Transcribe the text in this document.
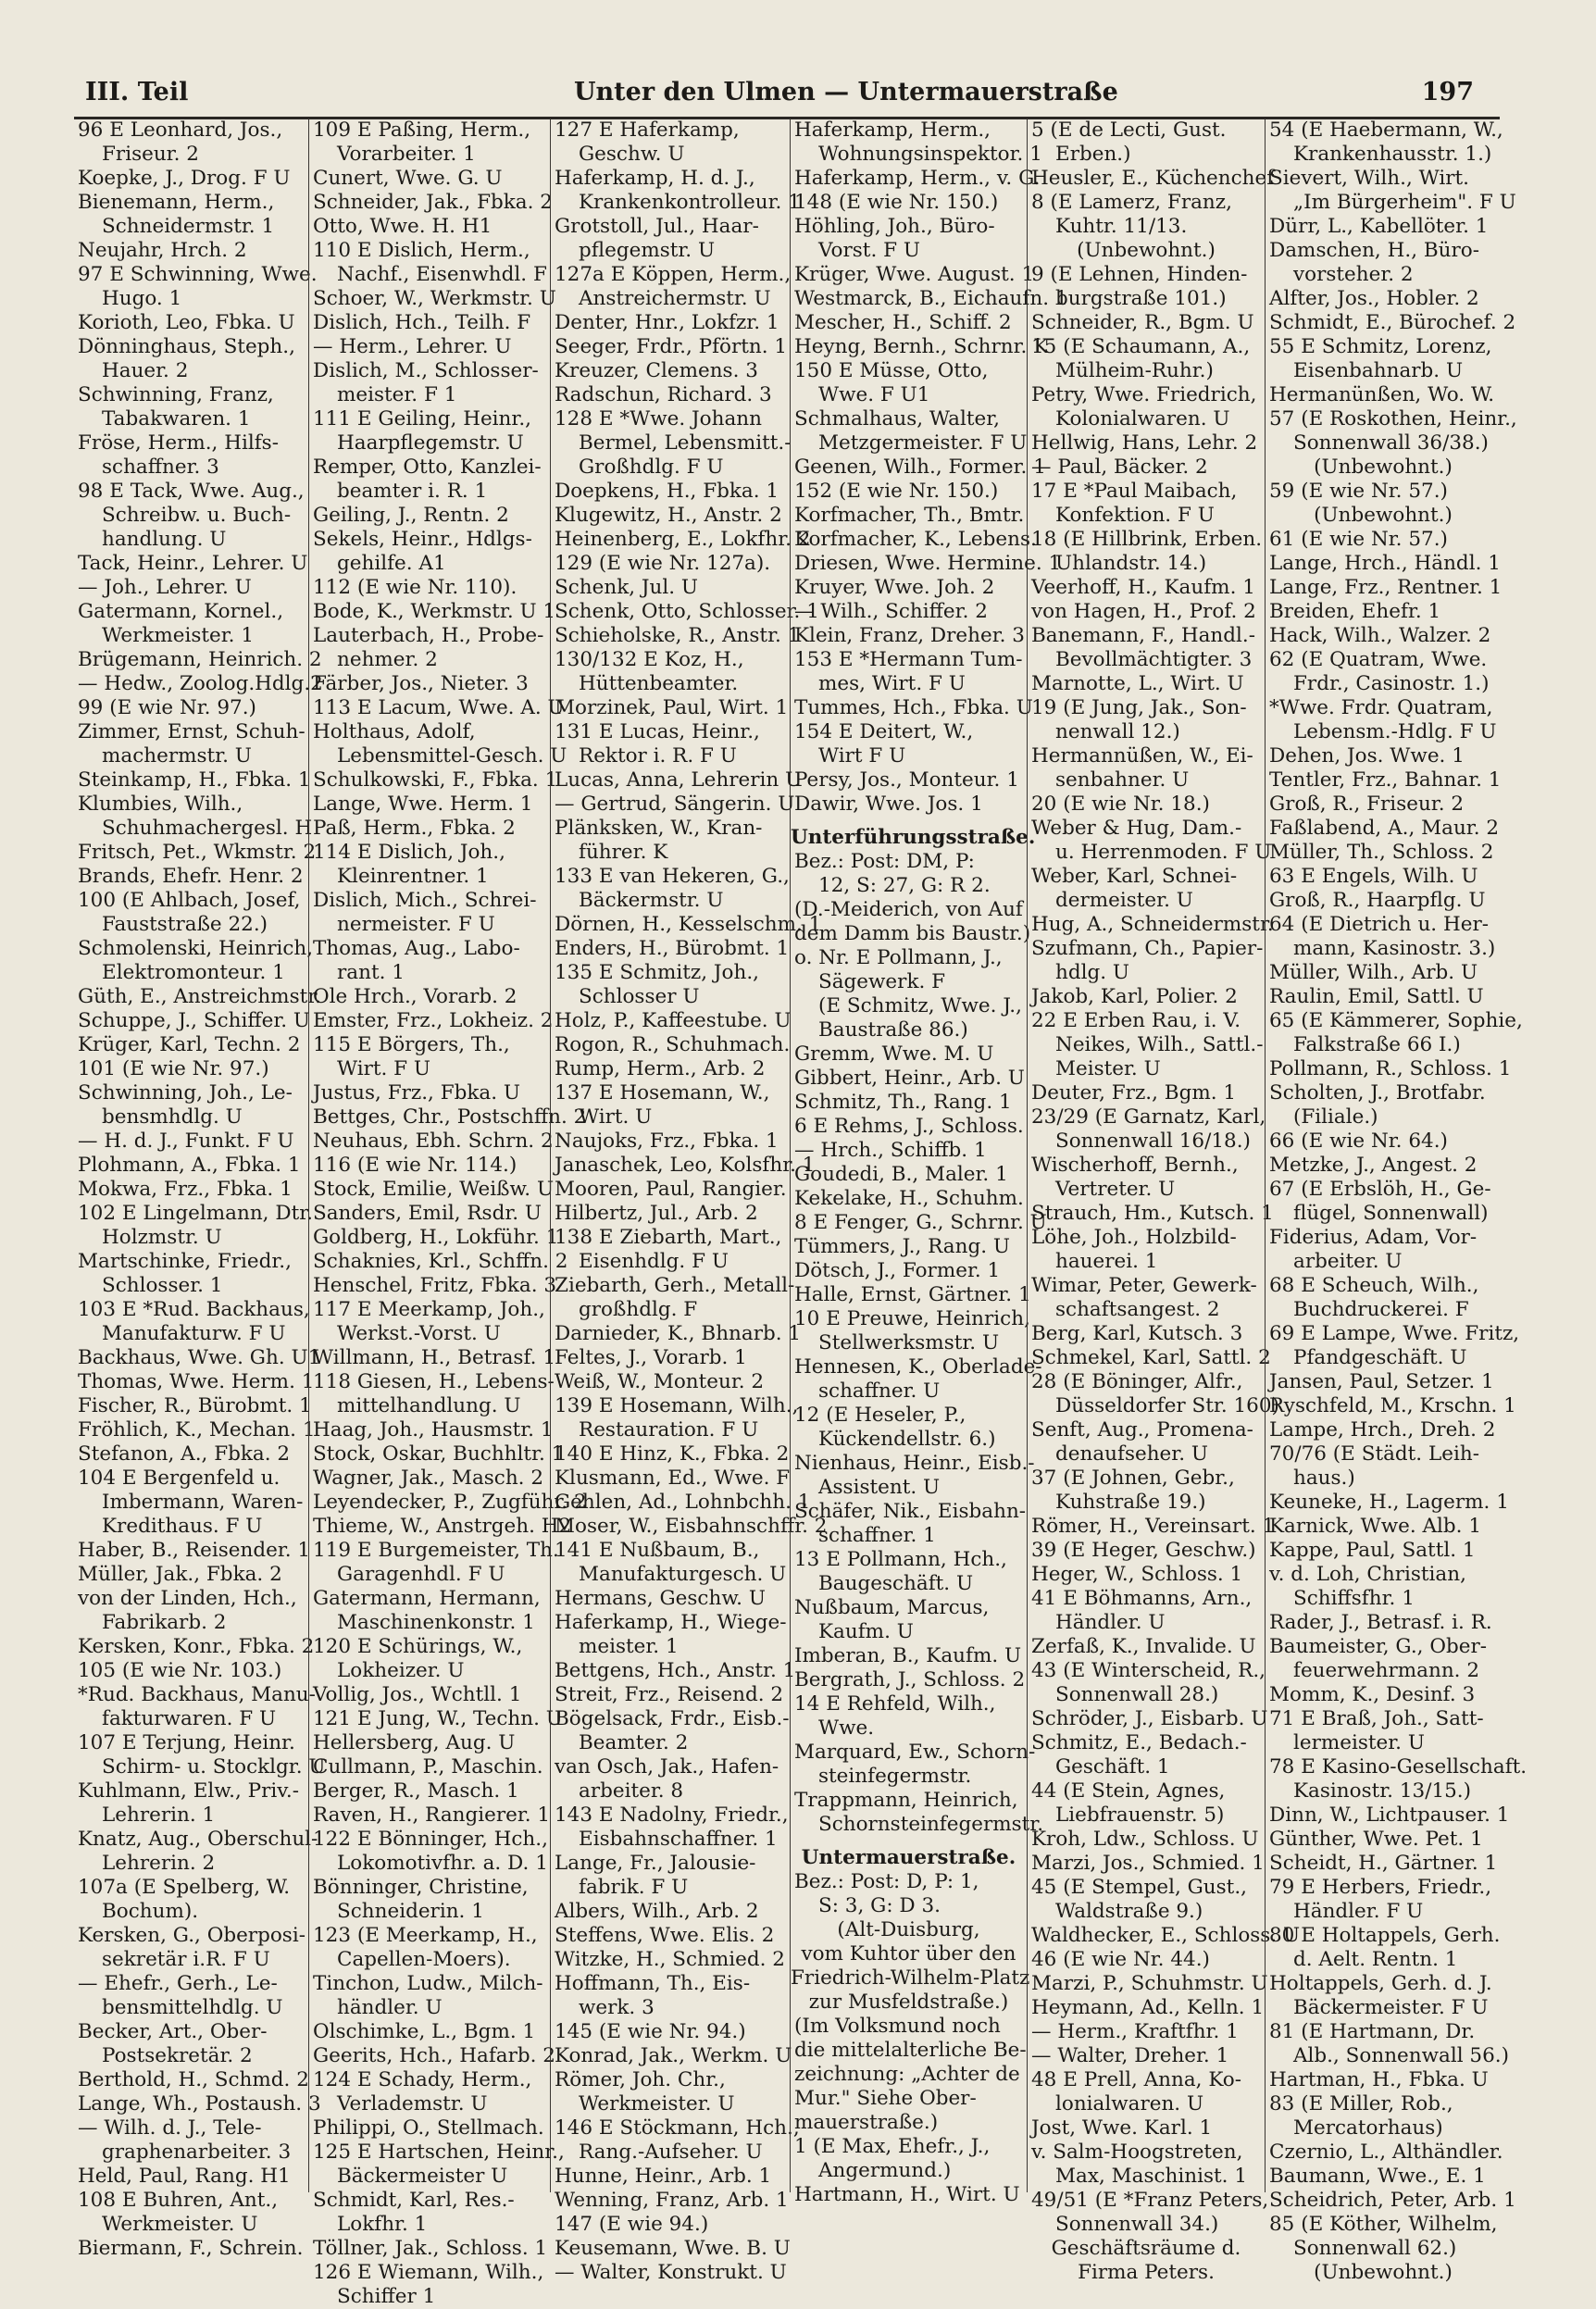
III. Teil	Unter den Ulmen — Untermauerstraße	197
96 E Leonhard, Jos.,
Friseur. 2
Koepke, J., Drog. F U
Bienemann, Herm.,
Schneidermstr. 1
Neujahr, Hrch. 2
97 E Schwinning, Wwe.
Hugo. 1
Korioth, Leo, Fbka. U
Dönninghaus, Steph.,
Hauer. 2
Schwinning, Franz,
Tabakwaren. 1
Fröse, Herm., Hilfs-
schaffner. 3
98 E Tack, Wwe. Aug.,
Schreibw. u. Buch-
handlung. U
Tack, Heinr., Lehrer. U
— Joh., Lehrer. U
Gatermann, Kornel.,
Werkmeister. 1
Brügemann, Heinrich. 2
— Hedw., Zoolog.Hdlg.2
99 (E wie Nr. 97.)
Zimmer, Ernst, Schuh-
machermstr. U
Steinkamp, H., Fbka. 1
Klumbies, Wilh.,
Schuhmachergesl. H
Fritsch, Pet., Wkmstr. 2
Brands, Ehefr. Henr. 2
100 (E Ahlbach, Josef,
Fauststraße 22.)
Schmolenski, Heinrich,
Elektromonteur. 1
Güth, E., Anstreichmstr.
Schuppe, J., Schiffer. U
Krüger, Karl, Techn. 2
101 (E wie Nr. 97.)
Schwinning, Joh., Le-
bensmhdlg. U
— H. d. J., Funkt. F U
Plohmann, A., Fbka. 1
Mokwa, Frz., Fbka. 1
102 E Lingelmann, Dtr.
Holzmstr. U
Martschinke, Friedr.,
Schlosser. 1
103 E *Rud. Backhaus,
Manufakturw. F U
Backhaus, Wwe. Gh. U1
Thomas, Wwe. Herm. 1
Fischer, R., Bürobmt. 1
Fröhlich, K., Mechan. 1
Stefanon, A., Fbka. 2
104 E Bergenfeld u.
Imbermann, Waren-
Kredithaus. F U
Haber, B., Reisender. 1
Müller, Jak., Fbka. 2
von der Linden, Hch.,
Fabrikarb. 2
Kersken, Konr., Fbka. 2
105 (E wie Nr. 103.)
*Rud. Backhaus, Manu-
fakturwaren. F U
107 E Terjung, Heinr.
Schirm- u. Stocklgr. U
Kuhlmann, Elw., Priv.-
Lehrerin. 1
Knatz, Aug., Oberschul-
Lehrerin. 2
107a (E Spelberg, W.
Bochum).
Kersken, G., Oberposi-
sekretär i.R. F U
— Ehefr., Gerh., Le-
bensmittelhdlg. U
Becker, Art., Ober-
Postsekretär. 2
Berthold, H., Schmd. 2
Lange, Wh., Postaush. 3
— Wilh. d. J., Tele-
graphenarbeiter. 3
Held, Paul, Rang. H1
108 E Buhren, Ant.,
Werkmeister. U
Biermann, F., Schrein.
109 E Paßing, Herm.,
Vorarbeiter. 1
Cunert, Wwe. G. U
Schneider, Jak., Fbka. 2
Otto, Wwe. H. H1
110 E Dislich, Herm.,
Nachf., Eisenwhdl. F
Schoer, W., Werkmstr. U
Dislich, Hch., Teilh. F
— Herm., Lehrer. U
Dislich, M., Schlosser-
meister. F 1
111 E Geiling, Heinr.,
Haarpflegemstr. U
Remper, Otto, Kanzlei-
beamter i. R. 1
Geiling, J., Rentn. 2
Sekels, Heinr., Hdlgs-
gehilfe. A1
112 (E wie Nr. 110).
Bode, K., Werkmstr. U 1
Lauterbach, H., Probe-
nehmer. 2
Färber, Jos., Nieter. 3
113 E Lacum, Wwe. A. U
Holthaus, Adolf,
Lebensmittel-Gesch. U
Schulkowski, F., Fbka. 1
Lange, Wwe. Herm. 1
Paß, Herm., Fbka. 2
114 E Dislich, Joh.,
Kleinrentner. 1
Dislich, Mich., Schrei-
nermeister. F U
Thomas, Aug., Labo-
rant. 1
Ole Hrch., Vorarb. 2
Emster, Frz., Lokheiz. 2
115 E Börgers, Th.,
Wirt. F U
Justus, Frz., Fbka. U
Bettges, Chr., Postschffn. 2
Neuhaus, Ebh. Schrn. 2
116 (E wie Nr. 114.)
Stock, Emilie, Weißw. U
Sanders, Emil, Rsdr. U
Goldberg, H., Lokführ. 1
Schaknies, Krl., Schffn. 2
Henschel, Fritz, Fbka. 3
117 E Meerkamp, Joh.,
Werkst.-Vorst. U
Willmann, H., Betrasf. 1
118 Giesen, H., Lebens-
mittelhandlung. U
Haag, Joh., Hausmstr. 1
Stock, Oskar, Buchhltr. 1
Wagner, Jak., Masch. 2
Leyendecker, P., Zugführ. 2
Thieme, W., Anstrgeh. H2
119 E Burgemeister, Th.
Garagenhdl. F U
Gatermann, Hermann,
Maschinenkonstr. 1
120 E Schürings, W.,
Lokheizer. U
Vollig, Jos., Wchtll. 1
121 E Jung, W., Techn. U
Hellersberg, Aug. U
Cullmann, P., Maschin.
Berger, R., Masch. 1
Raven, H., Rangierer. 1
122 E Bönninger, Hch.,
Lokomotivfhr. a. D. 1
Bönninger, Christine,
Schneiderin. 1
123 (E Meerkamp, H.,
Capellen-Moers).
Tinchon, Ludw., Milch-
händler. U
Olschimke, L., Bgm. 1
Geerits, Hch., Hafarb. 2
124 E Schady, Herm.,
Verlademstr. U
Philippi, O., Stellmach.
125 E Hartschen, Heinr.,
Bäckermeister U
Schmidt, Karl, Res.-
Lokfhr. 1
Töllner, Jak., Schloss. 1
126 E Wiemann, Wilh.,
Schiffer 1
127 E Haferkamp,
Geschw. U
Haferkamp, H. d. J.,
Krankenkontrolleur. 1
Grotstoll, Jul., Haar-
pflegemstr. U
127a E Köppen, Herm.,
Anstreichermstr. U
Denter, Hnr., Lokfzr. 1
Seeger, Frdr., Pförtn. 1
Kreuzer, Clemens. 3
Radschun, Richard. 3
128 E *Wwe. Johann
Bermel, Lebensmitt.-
Großhdlg. F U
Doepkens, H., Fbka. 1
Klugewitz, H., Anstr. 2
Heinenberg, E., Lokfhr. 2
129 (E wie Nr. 127a).
Schenk, Jul. U
Schenk, Otto, Schlosser. 1
Schieholske, R., Anstr. 1
130/132 E Koz, H.,
Hüttenbeamter.
Morzinek, Paul, Wirt. 1
131 E Lucas, Heinr.,
Rektor i. R. F U
Lucas, Anna, Lehrerin U
— Gertrud, Sängerin. U
Plänksken, W., Kran-
führer. K
133 E van Hekeren, G.,
Bäckermstr. U
Dörnen, H., Kesselschm. 1
Enders, H., Bürobmt. 1
135 E Schmitz, Joh.,
Schlosser U
Holz, P., Kaffeestube. U
Rogon, R., Schuhmach.
Rump, Herm., Arb. 2
137 E Hosemann, W.,
Wirt. U
Naujoks, Frz., Fbka. 1
Janaschek, Leo, Kolsfhr. 1
Mooren, Paul, Rangier.
Hilbertz, Jul., Arb. 2
138 E Ziebarth, Mart.,
Eisenhdlg. F U
Ziebarth, Gerh., Metall-
großhdlg. F
Darnieder, K., Bhnarb. 1
Feltes, J., Vorarb. 1
Weiß, W., Monteur. 2
139 E Hosemann, Wilh.,
Restauration. F U
140 E Hinz, K., Fbka. 2
Klusmann, Ed., Wwe. F
Gehlen, Ad., Lohnbchh. 1
Moser, W., Eisbahnschffr. 2
141 E Nußbaum, B.,
Manufakturgesch. U
Hermans, Geschw. U
Haferkamp, H., Wiege-
meister. 1
Bettgens, Hch., Anstr. 1
Streit, Frz., Reisend. 2
Bögelsack, Frdr., Eisb.-
Beamter. 2
van Osch, Jak., Hafen-
arbeiter. 8
143 E Nadolny, Friedr.,
Eisbahnschaffner. 1
Lange, Fr., Jalousie-
fabrik. F U
Albers, Wilh., Arb. 2
Steffens, Wwe. Elis. 2
Witzke, H., Schmied. 2
Hoffmann, Th., Eis-
werk. 3
145 (E wie Nr. 94.)
Konrad, Jak., Werkm. U
Römer, Joh. Chr.,
Werkmeister. U
146 E Stöckmann, Hch.,
Rang.-Aufseher. U
Hunne, Heinr., Arb. 1
Wenning, Franz, Arb. 1
147 (E wie 94.)
Keusemann, Wwe. B. U
— Walter, Konstrukt. U
Haferkamp, Herm.,
Wohnungsinspektor. 1
Haferkamp, Herm., v. G.
148 (E wie Nr. 150.)
Höhling, Joh., Büro-
Vorst. F U
Krüger, Wwe. August. 1
Westmarck, B., Eichaufn. 1
Mescher, H., Schiff. 2
Heyng, Bernh., Schrnr. K
150 E Müsse, Otto,
Wwe. F U1
Schmalhaus, Walter,
Metzgermeister. F U
Geenen, Wilh., Former. 1
152 (E wie Nr. 150.)
Korfmacher, Th., Bmtr.
Korfmacher, K., Lebens.
Driesen, Wwe. Hermine. 1
Kruyer, Wwe. Joh. 2
— Wilh., Schiffer. 2
Klein, Franz, Dreher. 3
153 E *Hermann Tum-
mes, Wirt. F U
Tummes, Hch., Fbka. U
154 E Deitert, W.,
Wirt F U
Persy, Jos., Monteur. 1
Dawir, Wwe. Jos. 1
Unterführungsstraße.
Bez.: Post: DM, P:
12, S: 27, G: R 2.
(D.-Meiderich, von Auf
dem Damm bis Baustr.)
o. Nr. E Pollmann, J.,
Sägewerk. F
(E Schmitz, Wwe. J.,
Baustraße 86.)
Gremm, Wwe. M. U
Gibbert, Heinr., Arb. U
Schmitz, Th., Rang. 1
6 E Rehms, J., Schloss.
— Hrch., Schiffb. 1
Goudedi, B., Maler. 1
Kekelake, H., Schuhm.
8 E Fenger, G., Schrnr. U
Tümmers, J., Rang. U
Dötsch, J., Former. 1
Halle, Ernst, Gärtner. 1
10 E Preuwe, Heinrich,
Stellwerksmstr. U
Hennesen, K., Oberlade-
schaffner. U
12 (E Heseler, P.,
Kückendellstr. 6.)
Nienhaus, Heinr., Eisb.-
Assistent. U
Schäfer, Nik., Eisbahn-
schaffner. 1
13 E Pollmann, Hch.,
Baugeschäft. U
Nußbaum, Marcus,
Kaufm. U
Imberan, B., Kaufm. U
Bergrath, J., Schloss. 2
14 E Rehfeld, Wilh.,
Wwe.
Marquard, Ew., Schorn-
steinfegermstr.
Trappmann, Heinrich,
Schornsteinfegermstr.
Untermauerstraße.
Bez.: Post: D, P: 1,
S: 3, G: D 3.
(Alt-Duisburg,
vom Kuhtor über den
Friedrich-Wilhelm-Platz
zur Musfeldstraße.)
(Im Volksmund noch
die mittelalterliche Be-
zeichnung: „Achter de
Mur." Siehe Ober-
mauerstraße.)
1 (E Max, Ehefr., J.,
Angermund.)
Hartmann, H., Wirt. U
5 (E de Lecti, Gust.
Erben.)
Heusler, E., Küchenchef
8 (E Lamerz, Franz,
Kuhtr. 11/13.
(Unbewohnt.)
9 (E Lehnen, Hinden-
burgstraße 101.)
Schneider, R., Bgm. U
15 (E Schaumann, A.,
Mülheim-Ruhr.)
Petry, Wwe. Friedrich,
Kolonialwaren. U
Hellwig, Hans, Lehr. 2
— Paul, Bäcker. 2
17 E *Paul Maibach,
Konfektion. F U
18 (E Hillbrink, Erben.
Uhlandstr. 14.)
Veerhoff, H., Kaufm. 1
von Hagen, H., Prof. 2
Banemann, F., Handl.-
Bevollmächtigter. 3
Marnotte, L., Wirt. U
19 (E Jung, Jak., Son-
nenwall 12.)
Hermannüßen, W., Ei-
senbahner. U
20 (E wie Nr. 18.)
Weber & Hug, Dam.-
u. Herrenmoden. F U
Weber, Karl, Schnei-
dermeister. U
Hug, A., Schneidermstr.
Szufmann, Ch., Papier-
hdlg. U
Jakob, Karl, Polier. 2
22 E Erben Rau, i. V.
Neikes, Wilh., Sattl.-
Meister. U
Deuter, Frz., Bgm. 1
23/29 (E Garnatz, Karl,
Sonnenwall 16/18.)
Wischerhoff, Bernh.,
Vertreter. U
Strauch, Hm., Kutsch. 1
Löhe, Joh., Holzbild-
hauerei. 1
Wimar, Peter, Gewerk-
schaftsangest. 2
Berg, Karl, Kutsch. 3
Schmekel, Karl, Sattl. 2
28 (E Böninger, Alfr.,
Düsseldorfer Str. 160)
Senft, Aug., Promena-
denaufseher. U
37 (E Johnen, Gebr.,
Kuhstraße 19.)
Römer, H., Vereinsart. 1
39 (E Heger, Geschw.)
Heger, W., Schloss. 1
41 E Böhmanns, Arn.,
Händler. U
Zerfaß, K., Invalide. U
43 (E Winterscheid, R.,
Sonnenwall 28.)
Schröder, J., Eisbarb. U
Schmitz, E., Bedach.-
Geschäft. 1
44 (E Stein, Agnes,
Liebfrauenstr. 5)
Kroh, Ldw., Schloss. U
Marzi, Jos., Schmied. 1
45 (E Stempel, Gust.,
Waldstraße 9.)
Waldhecker, E., Schloss. U
46 (E wie Nr. 44.)
Marzi, P., Schuhmstr. U
Heymann, Ad., Kelln. 1
— Herm., Kraftfhr. 1
— Walter, Dreher. 1
48 E Prell, Anna, Ko-
lonialwaren. U
Jost, Wwe. Karl. 1
v. Salm-Hoogstreten,
Max, Maschinist. 1
49/51 (E *Franz Peters,
Sonnenwall 34.)
Geschäftsräume d.
Firma Peters.
54 (E Haebermann, W.,
Krankenhausstr. 1.)
Sievert, Wilh., Wirt.
„Im Bürgerheim". F U
Dürr, L., Kabellöter. 1
Damschen, H., Büro-
vorsteher. 2
Alfter, Jos., Hobler. 2
Schmidt, E., Bürochef. 2
55 E Schmitz, Lorenz,
Eisenbahnarb. U
Hermanünßen, Wo. W.
57 (E Roskothen, Heinr.,
Sonnenwall 36/38.)
(Unbewohnt.)
59 (E wie Nr. 57.)
(Unbewohnt.)
61 (E wie Nr. 57.)
Lange, Hrch., Händl. 1
Lange, Frz., Rentner. 1
Breiden, Ehefr. 1
Hack, Wilh., Walzer. 2
62 (E Quatram, Wwe.
Frdr., Casinostr. 1.)
*Wwe. Frdr. Quatram,
Lebensm.-Hdlg. F U
Dehen, Jos. Wwe. 1
Tentler, Frz., Bahnar. 1
Groß, R., Friseur. 2
Faßlabend, A., Maur. 2
Müller, Th., Schloss. 2
63 E Engels, Wilh. U
Groß, R., Haarpflg. U
64 (E Dietrich u. Her-
mann, Kasinostr. 3.)
Müller, Wilh., Arb. U
Raulin, Emil, Sattl. U
65 (E Kämmerer, Sophie,
Falkstraße 66 I.)
Pollmann, R., Schloss. 1
Scholten, J., Brotfabr.
(Filiale.)
66 (E wie Nr. 64.)
Metzke, J., Angest. 2
67 (E Erbslöh, H., Ge-
flügel, Sonnenwall)
Fiderius, Adam, Vor-
arbeiter. U
68 E Scheuch, Wilh.,
Buchdruckerei. F
69 E Lampe, Wwe. Fritz,
Pfandgeschäft. U
Jansen, Paul, Setzer. 1
Ryschfeld, M., Krschn. 1
Lampe, Hrch., Dreh. 2
70/76 (E Städt. Leih-
haus.)
Keuneke, H., Lagerm. 1
Karnick, Wwe. Alb. 1
Kappe, Paul, Sattl. 1
v. d. Loh, Christian,
Schiffsfhr. 1
Rader, J., Betrasf. i. R.
Baumeister, G., Ober-
feuerwehrmann. 2
Momm, K., Desinf. 3
71 E Braß, Joh., Satt-
lermeister. U
78 E Kasino-Gesellschaft.
Kasinostr. 13/15.)
Dinn, W., Lichtpauser. 1
Günther, Wwe. Pet. 1
Scheidt, H., Gärtner. 1
79 E Herbers, Friedr.,
Händler. F U
80 E Holtappels, Gerh.
d. Aelt. Rentn. 1
Holtappels, Gerh. d. J.
Bäckermeister. F U
81 (E Hartmann, Dr.
Alb., Sonnenwall 56.)
Hartman, H., Fbka. U
83 (E Miller, Rob.,
Mercatorhaus)
Czernio, L., Althändler.
Baumann, Wwe., E. 1
Scheidrich, Peter, Arb. 1
85 (E Köther, Wilhelm,
Sonnenwall 62.)
(Unbewohnt.)
